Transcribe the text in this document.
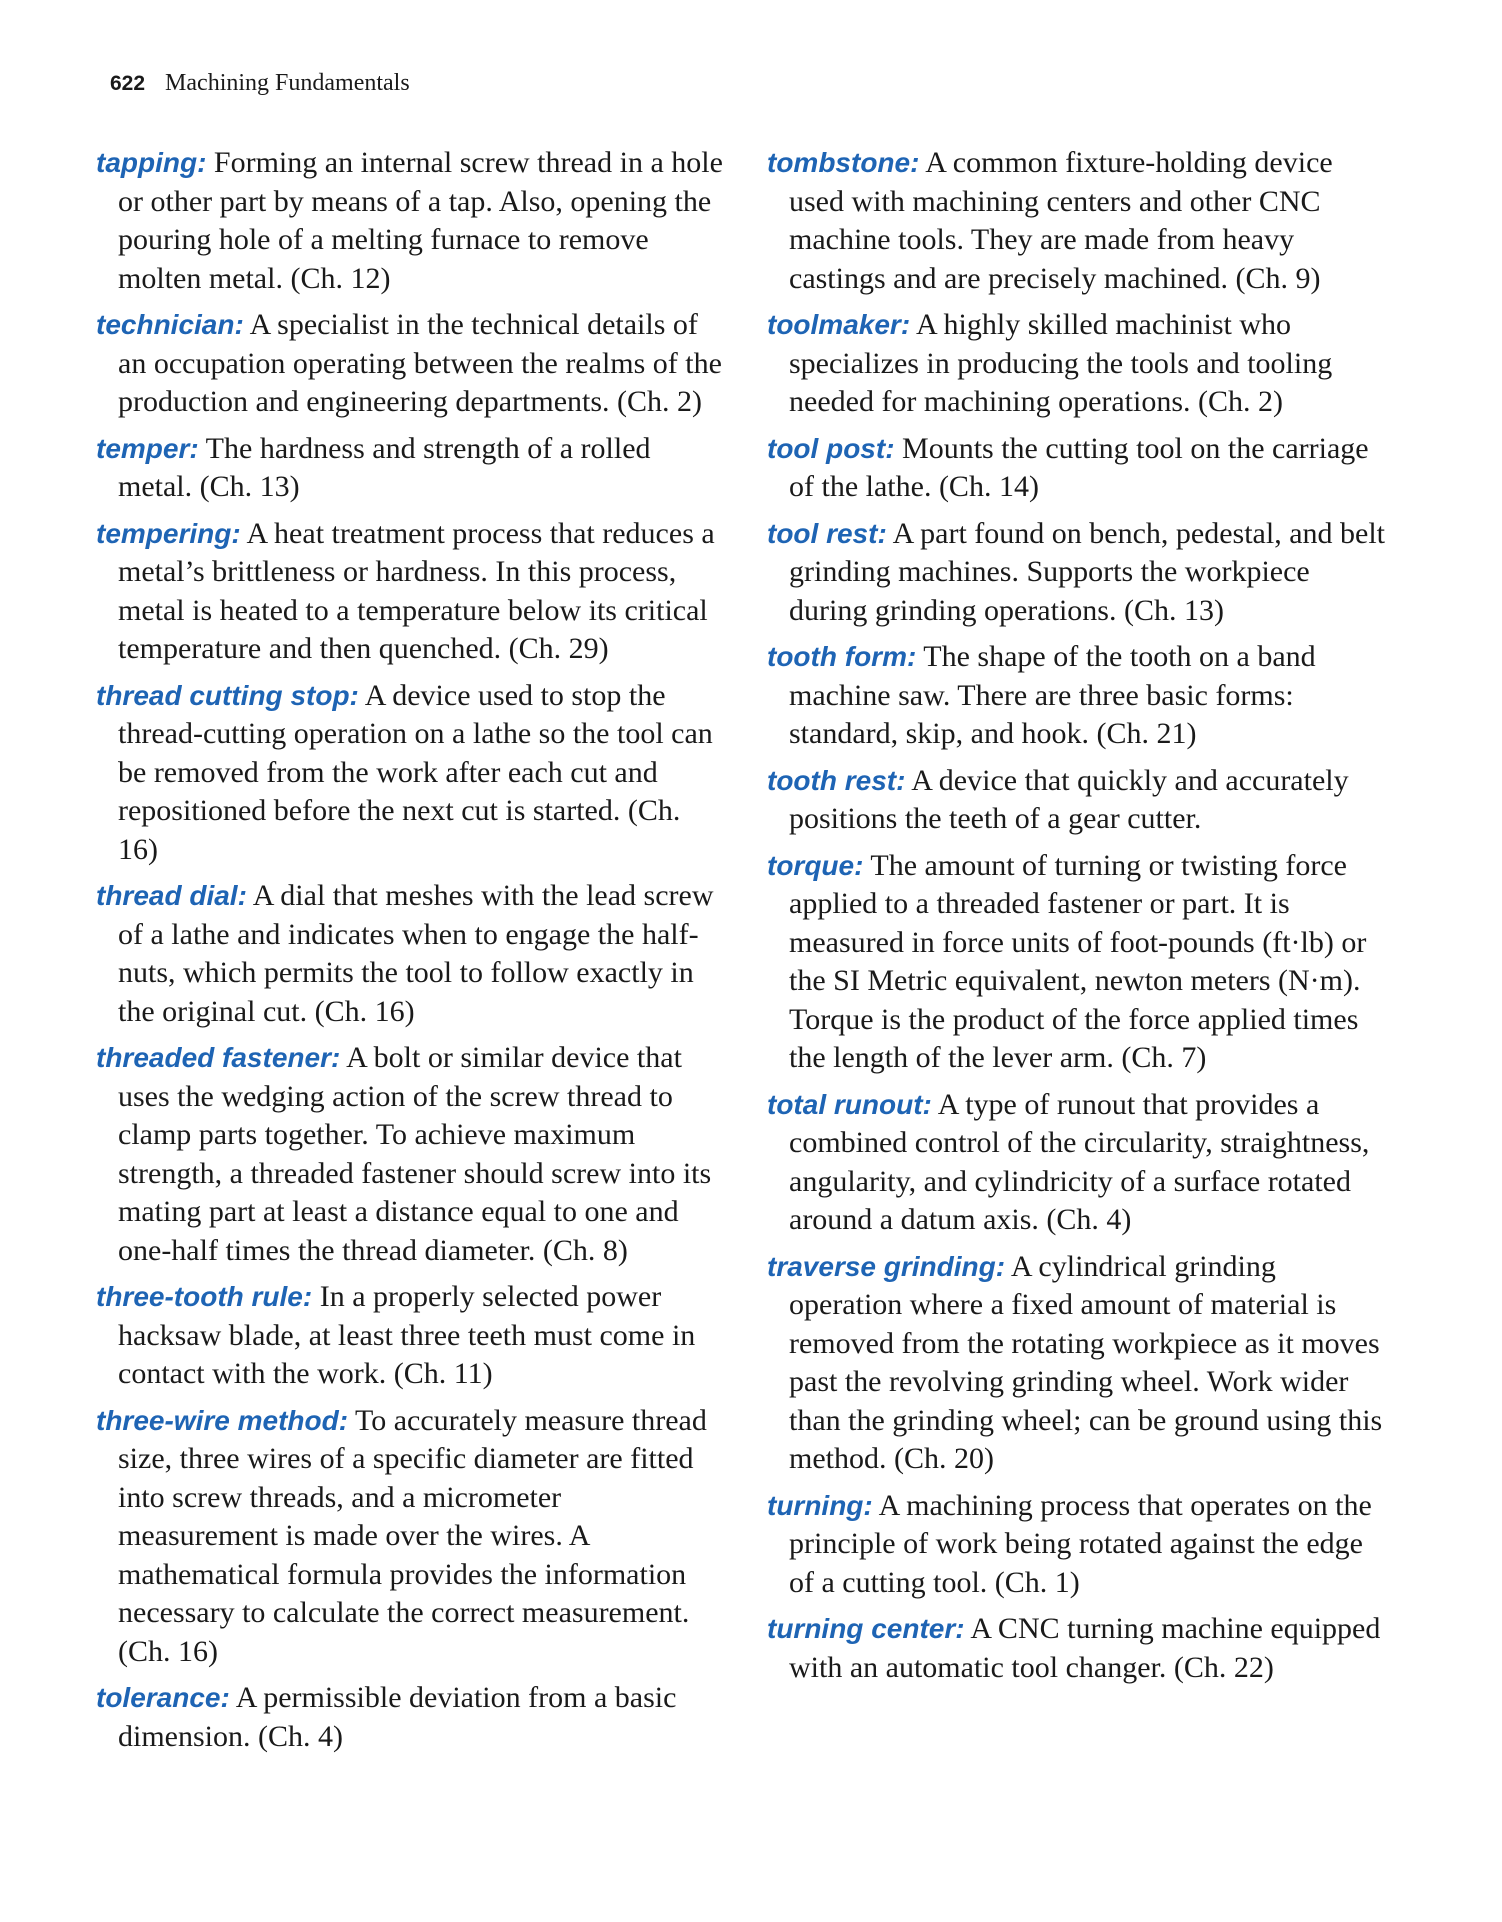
622 Machining Fundamentals

tapping: Forming an internal screw thread in a hole or other part by means of a tap. Also, opening the pouring hole of a melting furnace to remove molten metal. (Ch. 12)

technician: A specialist in the technical details of an occupation operating between the realms of the production and engineering departments. (Ch. 2)

temper: The hardness and strength of a rolled metal. (Ch. 13)

tempering: A heat treatment process that reduces a metal’s brittleness or hardness. In this process, metal is heated to a temperature below its critical temperature and then quenched. (Ch. 29)

thread cutting stop: A device used to stop the thread-cutting operation on a lathe so the tool can be removed from the work after each cut and repositioned before the next cut is started. (Ch. 16)

thread dial: A dial that meshes with the lead screw of a lathe and indicates when to engage the half-nuts, which permits the tool to follow exactly in the original cut. (Ch. 16)

threaded fastener: A bolt or similar device that uses the wedging action of the screw thread to clamp parts together. To achieve maximum strength, a threaded fastener should screw into its mating part at least a distance equal to one and one-half times the thread diameter. (Ch. 8)

three-tooth rule: In a properly selected power hacksaw blade, at least three teeth must come in contact with the work. (Ch. 11)

three-wire method: To accurately measure thread size, three wires of a specific diameter are fitted into screw threads, and a micrometer measurement is made over the wires. A mathematical formula provides the information necessary to calculate the correct measurement. (Ch. 16)

tolerance: A permissible deviation from a basic dimension. (Ch. 4)

tombstone: A common fixture-holding device used with machining centers and other CNC machine tools. They are made from heavy castings and are precisely machined. (Ch. 9)

toolmaker: A highly skilled machinist who specializes in producing the tools and tooling needed for machining operations. (Ch. 2)

tool post: Mounts the cutting tool on the carriage of the lathe. (Ch. 14)

tool rest: A part found on bench, pedestal, and belt grinding machines. Supports the workpiece during grinding operations. (Ch. 13)

tooth form: The shape of the tooth on a band machine saw. There are three basic forms: standard, skip, and hook. (Ch. 21)

tooth rest: A device that quickly and accurately positions the teeth of a gear cutter.

torque: The amount of turning or twisting force applied to a threaded fastener or part. It is measured in force units of foot-pounds (ft·lb) or the SI Metric equivalent, newton meters (N·m). Torque is the product of the force applied times the length of the lever arm. (Ch. 7)

total runout: A type of runout that provides a combined control of the circularity, straightness, angularity, and cylindricity of a surface rotated around a datum axis. (Ch. 4)

traverse grinding: A cylindrical grinding operation where a fixed amount of material is removed from the rotating workpiece as it moves past the revolving grinding wheel. Work wider than the grinding wheel; can be ground using this method. (Ch. 20)

turning: A machining process that operates on the principle of work being rotated against the edge of a cutting tool. (Ch. 1)

turning center: A CNC turning machine equipped with an automatic tool changer. (Ch. 22)
